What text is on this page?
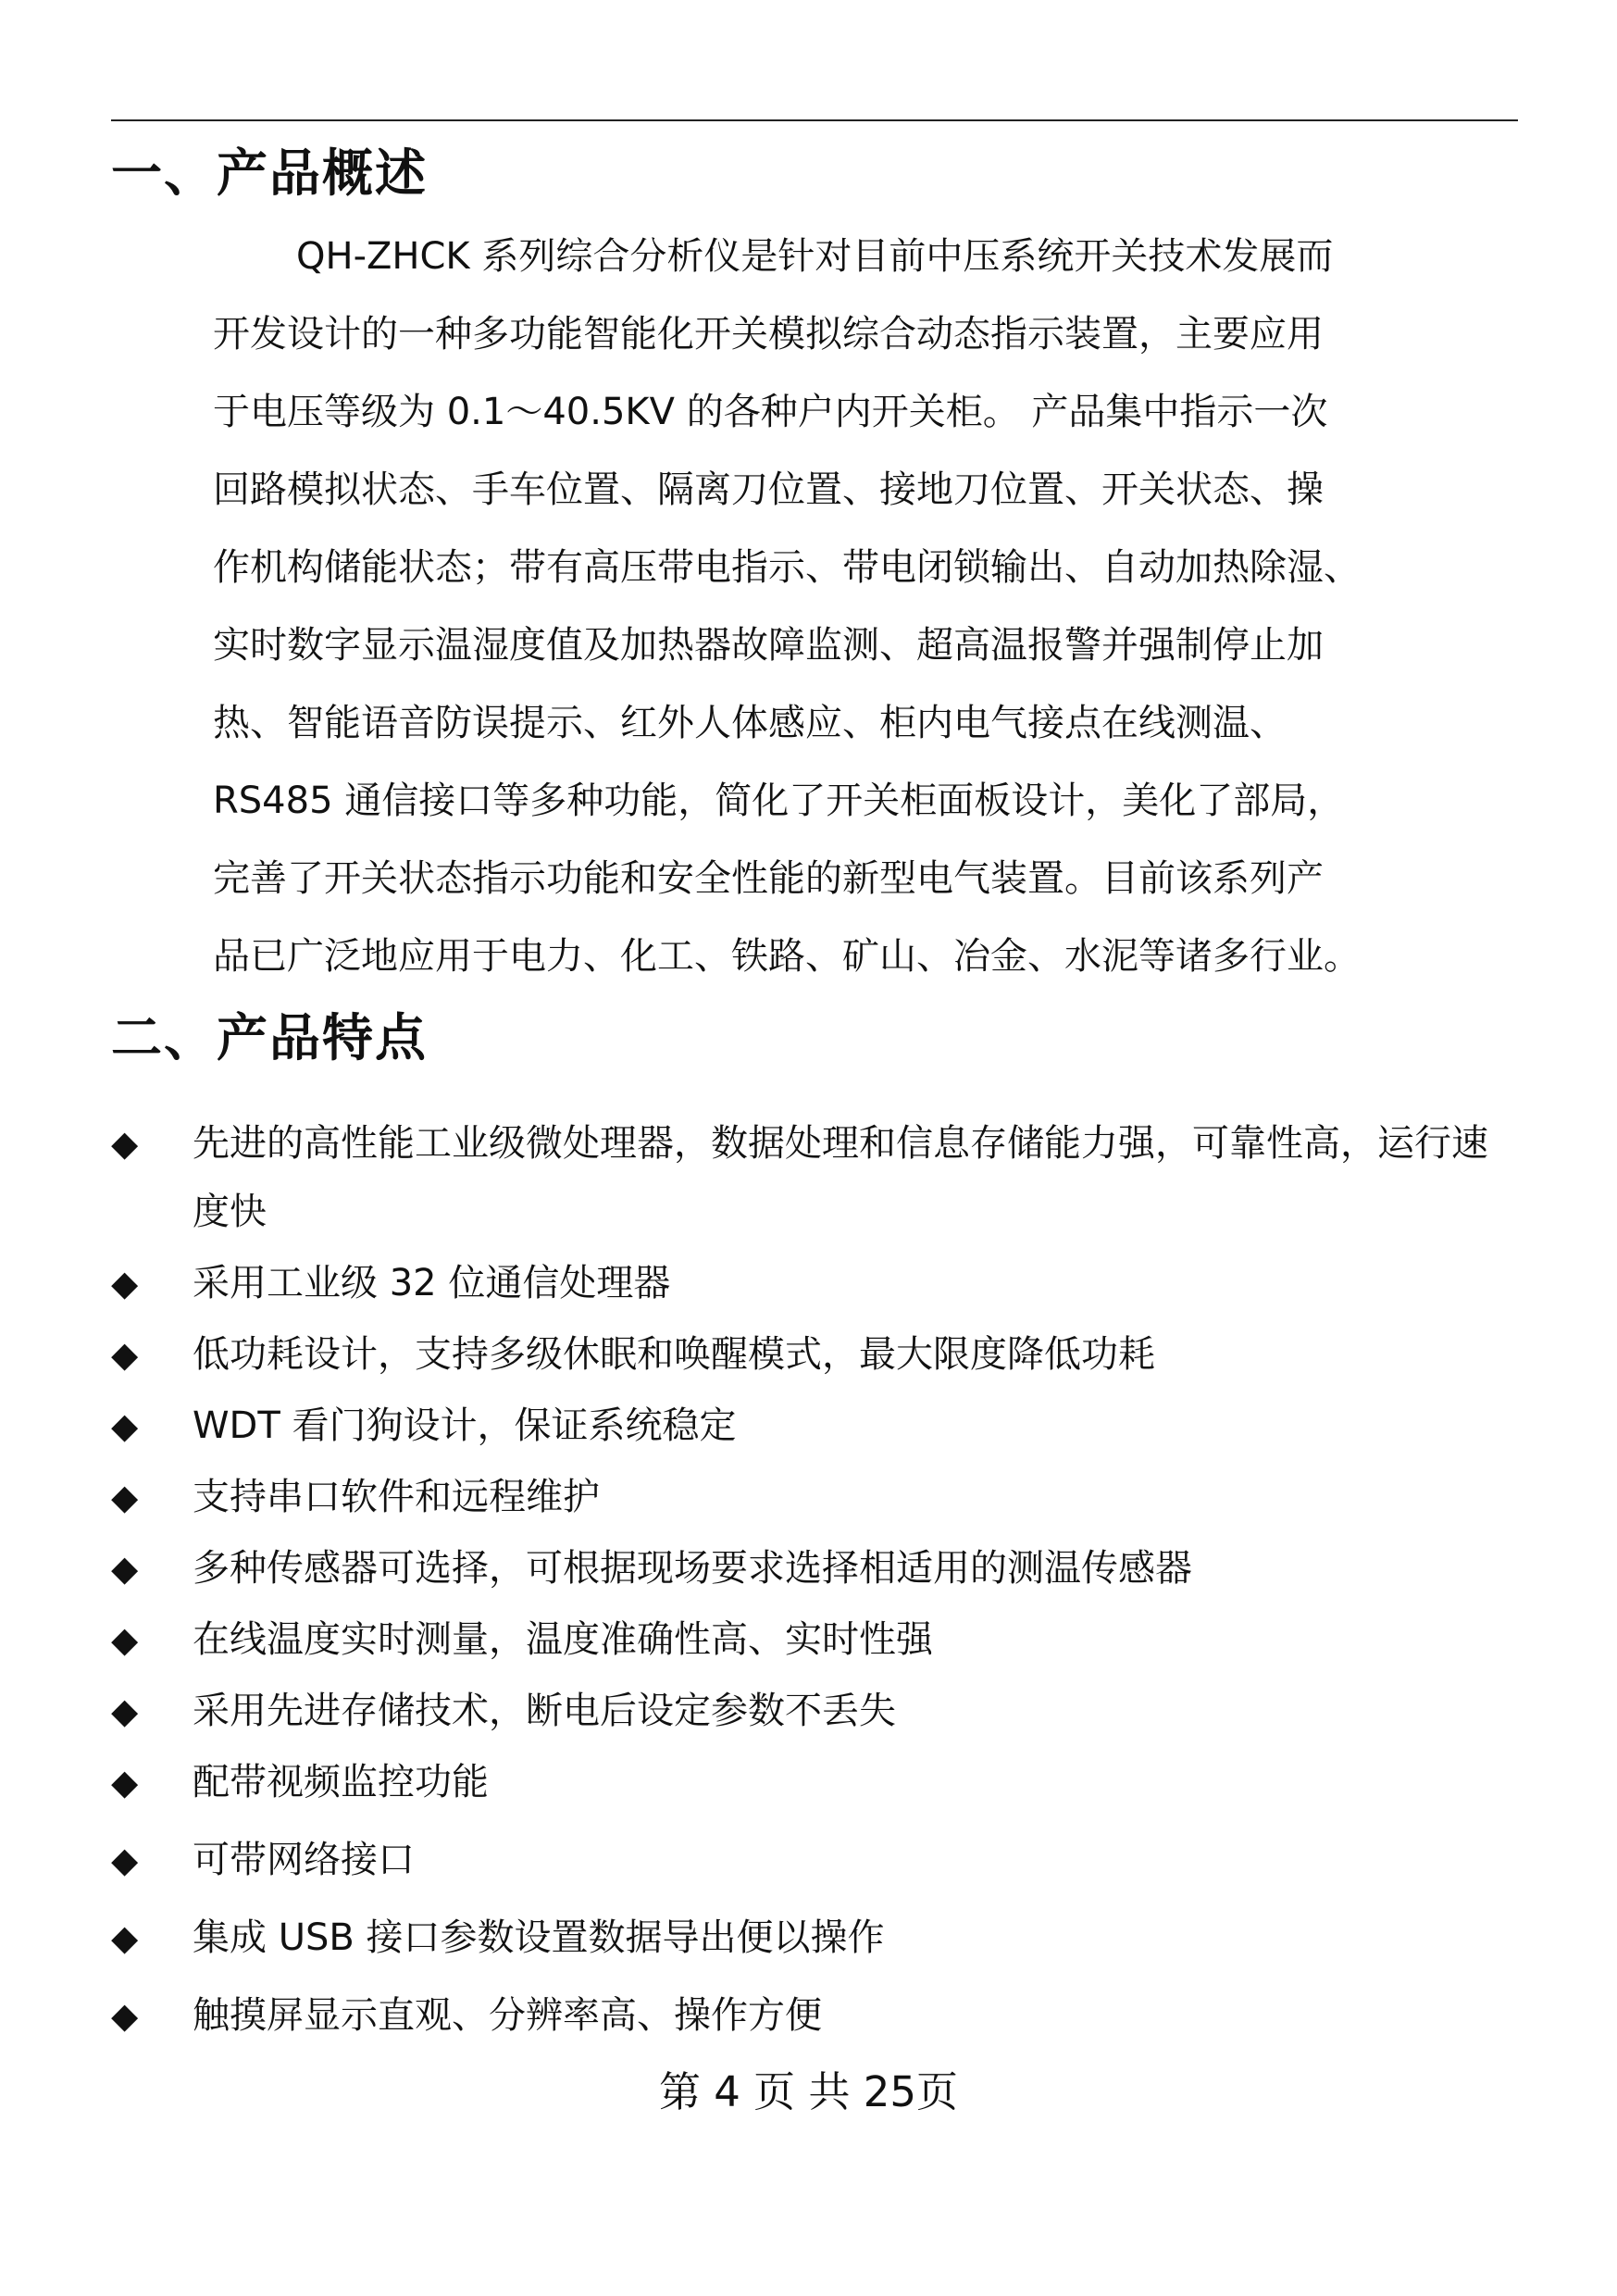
一、产品概述
QH-ZHCK 系列综合分析仪是针对目前中压系统开关技术发展而
开发设计的一种多功能智能化开关模拟综合动态指示装置，主要应用
于电压等级为 0.1～40.5KV 的各种户内开关柜。 产品集中指示一次
回路模拟状态、手车位置、隔离刀位置、接地刀位置、开关状态、操
作机构储能状态；带有高压带电指示、带电闭锁输出、自动加热除湿、
实时数字显示温湿度值及加热器故障监测、超高温报警并强制停止加
热、智能语音防误提示、红外人体感应、柜内电气接点在线测温、
RS485 通信接口等多种功能，简化了开关柜面板设计，美化了部局，
完善了开关状态指示功能和安全性能的新型电气装置。目前该系列产
品已广泛地应用于电力、化工、铁路、矿山、冶金、水泥等诸多行业。
二、产品特点
◆ 先进的高性能工业级微处理器，数据处理和信息存储能力强，可靠性高，运行速度快
◆ 采用工业级 32 位通信处理器
◆ 低功耗设计，支持多级休眠和唤醒模式，最大限度降低功耗
◆ WDT 看门狗设计，保证系统稳定
◆ 支持串口软件和远程维护
◆ 多种传感器可选择，可根据现场要求选择相适用的测温传感器
◆ 在线温度实时测量，温度准确性高、实时性强
◆ 采用先进存储技术，断电后设定参数不丢失
◆ 配带视频监控功能
◆ 可带网络接口
◆ 集成 USB 接口参数设置数据导出便以操作
◆ 触摸屏显示直观、分辨率高、操作方便
第 4 页 共 25页
